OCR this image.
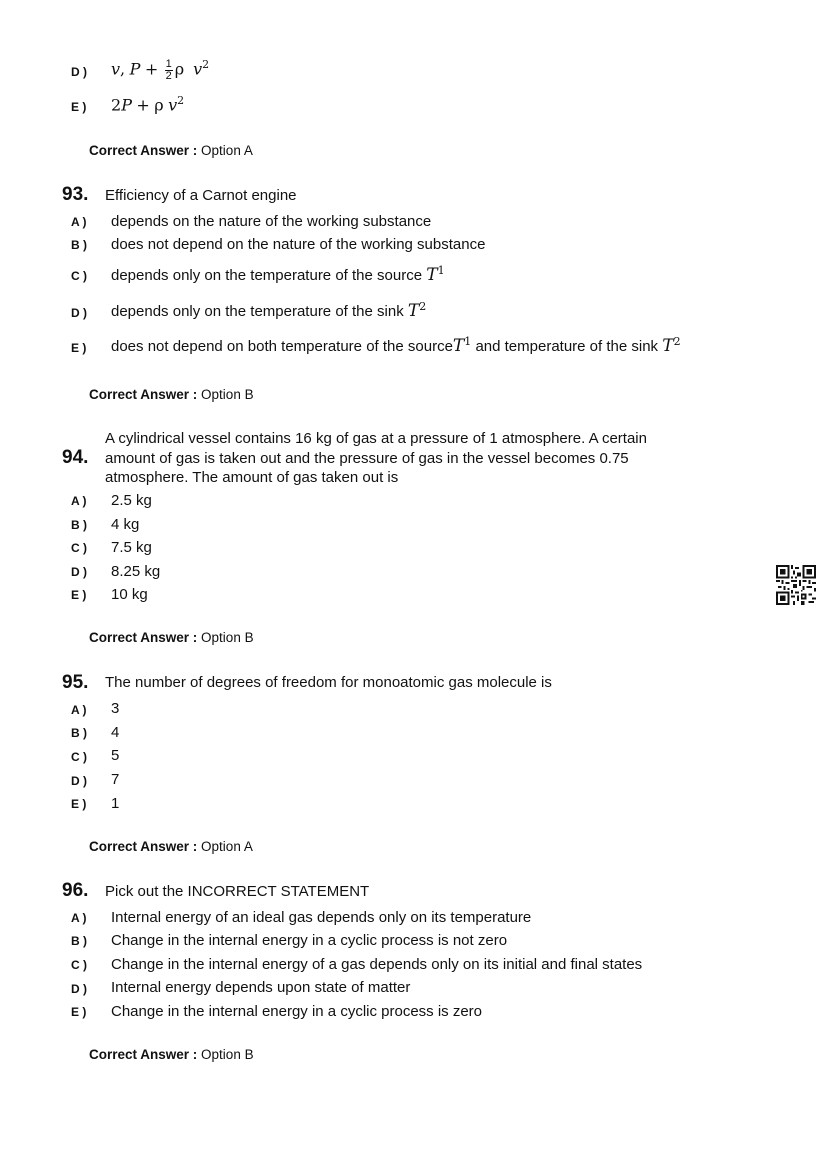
D ) v, $P + \frac{1}{2}$ ρ $v^2$
E ) 2P + ρ $v^2$
Correct Answer : Option A
93. Efficiency of a Carnot engine
A ) depends on the nature of the working substance
B ) does not depend on the nature of the working substance
C ) depends only on the temperature of the source $T^1$
D ) depends only on the temperature of the sink $T^2$
E ) does not depend on both temperature of the sourceT$^1$ and temperature of the sink $T^2$
Correct Answer : Option B
94.
A cylindrical vessel contains 16 kg of gas at a pressure of 1 atmosphere. A certain
amount of gas is taken out and the pressure of gas in the vessel becomes 0.75
atmosphere. The amount of gas taken out is
A ) 2.5 kg
B ) 4 kg
C ) 7.5 kg
D ) 8.25 kg
E ) 10 kg
Correct Answer : Option B
95. The number of degrees of freedom for monoatomic gas molecule is
A ) 3
B ) 4
C ) 5
D ) 7
E ) 1
Correct Answer : Option A
96. Pick out the INCORRECT STATEMENT
A ) Internal energy of an ideal gas depends only on its temperature
B ) Change in the internal energy in a cyclic process is not zero
C ) Change in the internal energy of a gas depends only on its initial and final states
D ) Internal energy depends upon state of matter
E ) Change in the internal energy in a cyclic process is zero
Correct Answer : Option B
